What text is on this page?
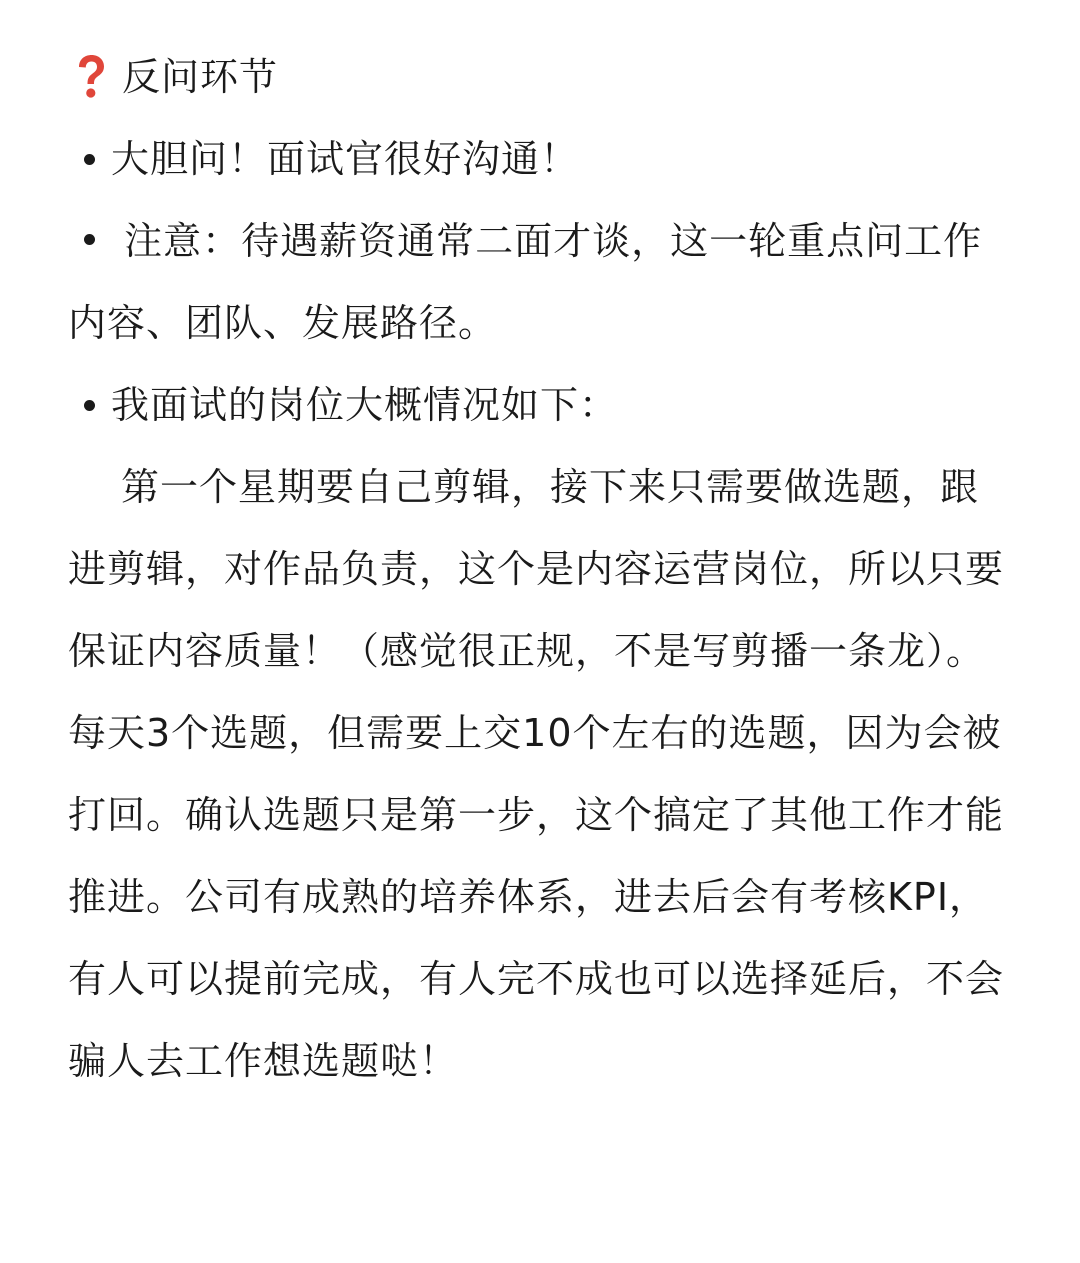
反问环节
大胆问！面试官很好沟通！
注意：待遇薪资通常二面才谈，这一轮重点问工作内容、团队、发展路径。
我面试的岗位大概情况如下：
第一个星期要自己剪辑，接下来只需要做选题，跟进剪辑，对作品负责，这个是内容运营岗位，所以只要保证内容质量！（感觉很正规，不是写剪播一条龙）。每天3个选题，但需要上交10个左右的选题，因为会被打回。确认选题只是第一步，这个搞定了其他工作才能推进。公司有成熟的培养体系，进去后会有考核KPI，有人可以提前完成，有人完不成也可以选择延后，不会骗人去工作想选题哒！
